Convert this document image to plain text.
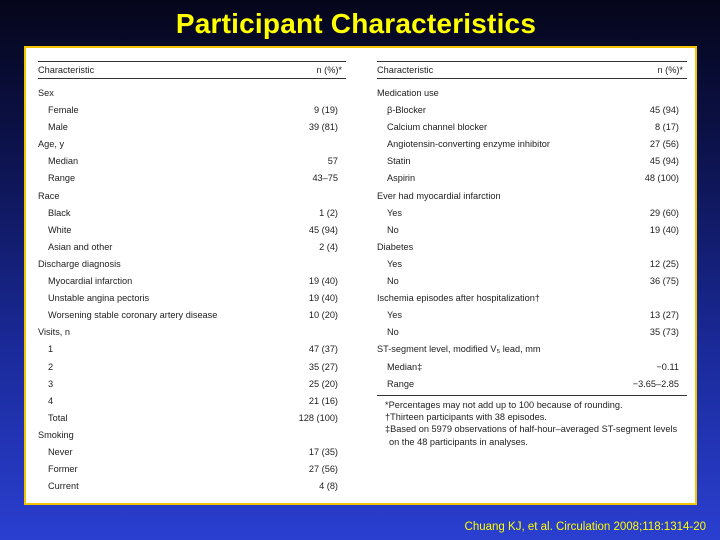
Participant Characteristics
Characteristic	n (%)*
Sex
Female	9 (19)
Male	39 (81)
Age, y
Median	57
Range	43–75
Race
Black	1 (2)
White	45 (94)
Asian and other	2 (4)
Discharge diagnosis
Myocardial infarction	19 (40)
Unstable angina pectoris	19 (40)
Worsening stable coronary artery disease	10 (20)
Visits, n
1	47 (37)
2	35 (27)
3	25 (20)
4	21 (16)
Total	128 (100)
Smoking
Never	17 (35)
Former	27 (56)
Current	4 (8)
Characteristic	n (%)*
Medication use
β-Blocker	45 (94)
Calcium channel blocker	8 (17)
Angiotensin-converting enzyme inhibitor	27 (56)
Statin	45 (94)
Aspirin	48 (100)
Ever had myocardial infarction
Yes	29 (60)
No	19 (40)
Diabetes
Yes	12 (25)
No	36 (75)
Ischemia episodes after hospitalization†
Yes	13 (27)
No	35 (73)
ST-segment level, modified V₅ lead, mm
Median‡	−0.11
Range	−3.65–2.85
*Percentages may not add up to 100 because of rounding.
†Thirteen participants with 38 episodes.
‡Based on 5979 observations of half-hour–averaged ST-segment levels on the 48 participants in analyses.
Chuang KJ, et al. Circulation 2008;118:1314-20
